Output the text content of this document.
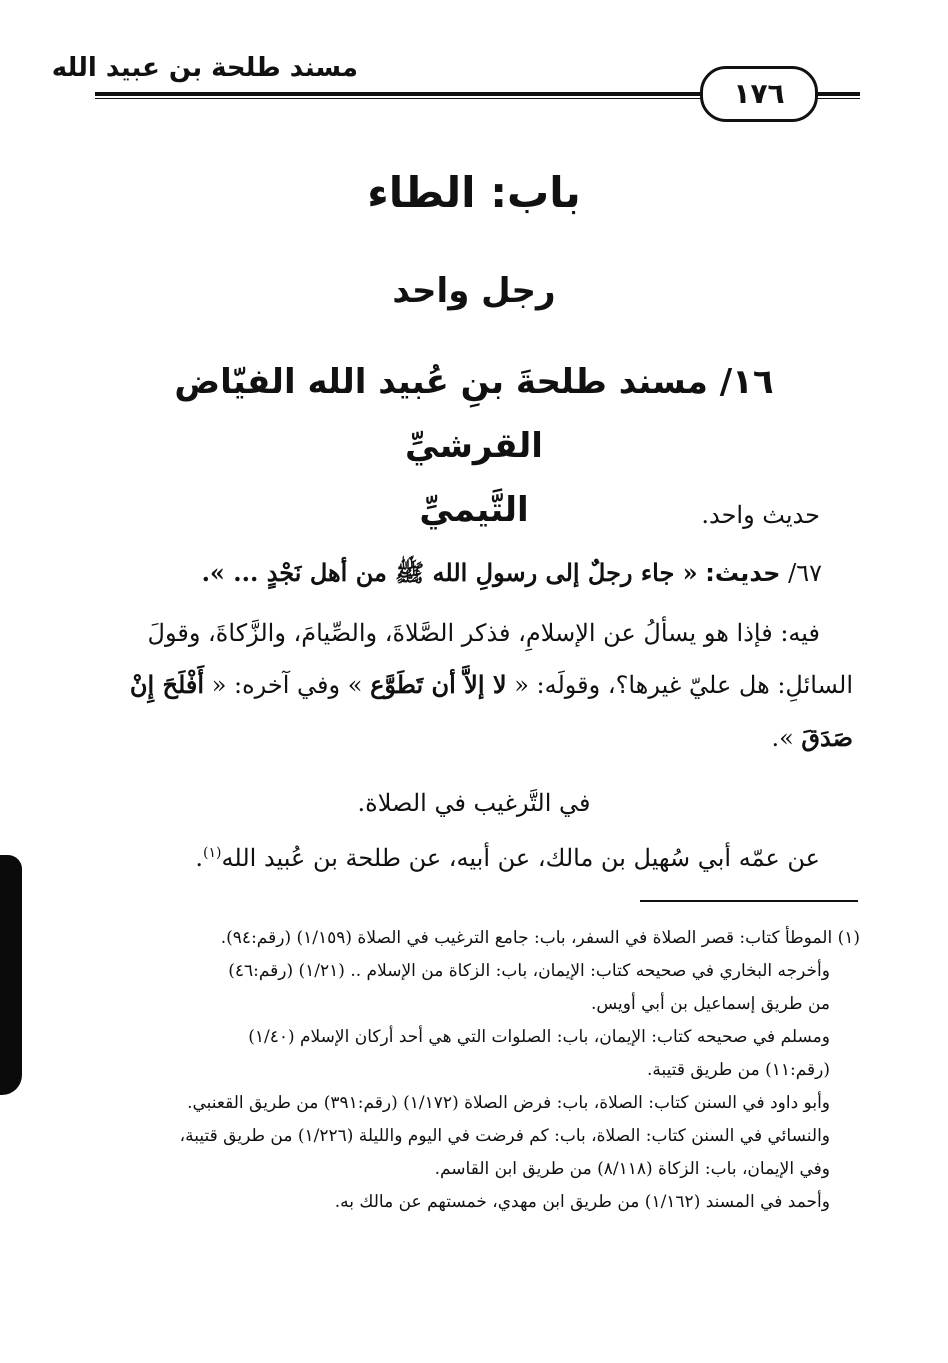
مسند طلحة بن عبيد الله
١٧٦
باب: الطاء
رجل واحد
١٦/ مسند طلحةَ بنِ عُبيد الله الفيّاض القرشيِّ
التَّيميِّ	حديث واحد.
٦٧/ حديث: « جاء رجلٌ إلى رسولِ الله ﷺ من أهل نَجْدٍ ... ».
فيه: فإذا هو يسألُ عن الإسلامِ، فذكر الصَّلاةَ، والصِّيامَ، والزَّكاةَ، وقولَ
السائلِ: هل عليّ غيرها؟، وقولَه: « لا إلاَّ أن تَطَوَّع » وفي آخره: « أَفْلَحَ إِنْ
صَدَقَ ».
في التَّرغيب في الصلاة.
عن عمّه أبي سُهيل بن مالك، عن أبيه، عن طلحة بن عُبيد الله$^{(١)}$.
(١) الموطأ كتاب: قصر الصلاة في السفر، باب: جامع الترغيب في الصلاة (١/١٥٩) (رقم:٩٤).
وأخرجه البخاري في صحيحه كتاب: الإيمان، باب: الزكاة من الإسلام .. (١/٢١) (رقم:٤٦)
من طريق إسماعيل بن أبي أويس.
ومسلم في صحيحه كتاب: الإيمان، باب: الصلوات التي هي أحد أركان الإسلام (١/٤٠)
(رقم:١١) من طريق قتيبة.
وأبو داود في السنن كتاب: الصلاة، باب: فرض الصلاة (١/١٧٢) (رقم:٣٩١) من طريق القعنبي.
والنسائي في السنن كتاب: الصلاة، باب: كم فرضت في اليوم والليلة (١/٢٢٦) من طريق قتيبة،
وفي الإيمان، باب: الزكاة (٨/١١٨) من طريق ابن القاسم.
وأحمد في المسند (١/١٦٢) من طريق ابن مهدي، خمستهم عن مالك به.
